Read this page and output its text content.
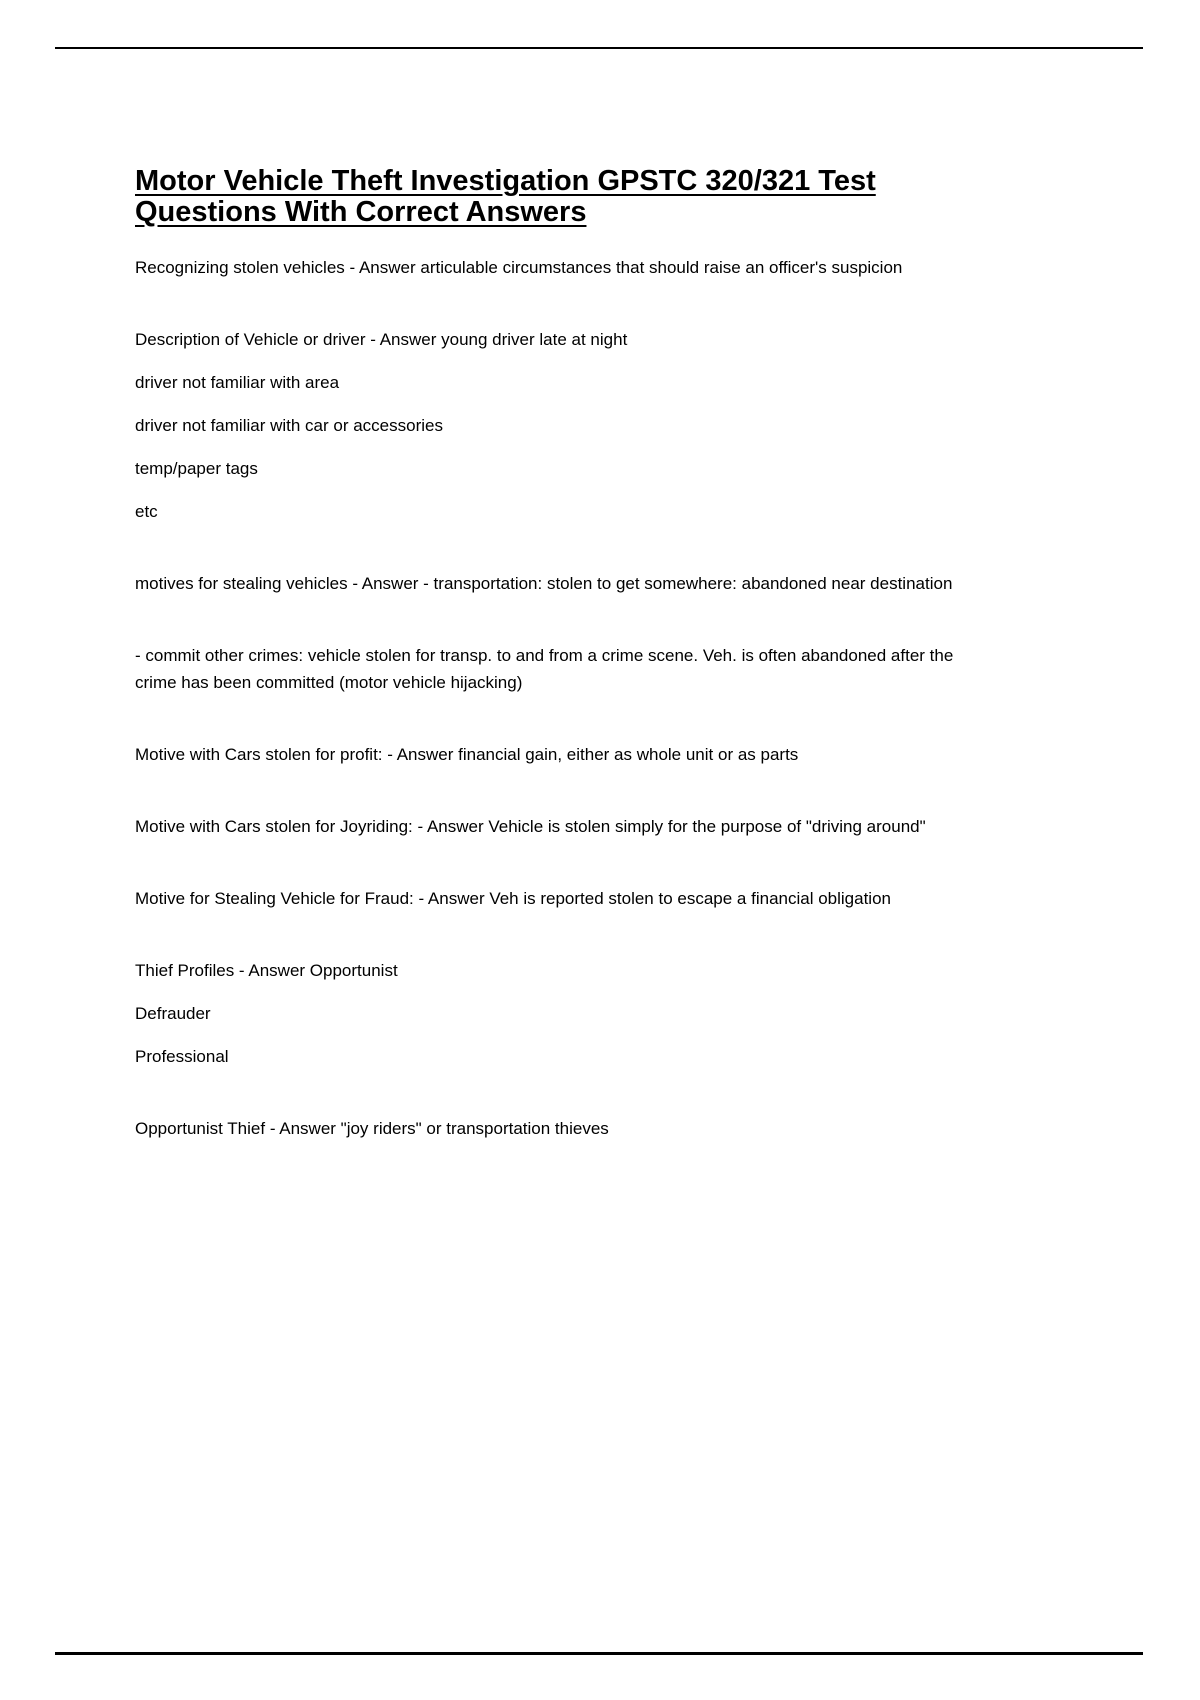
Motor Vehicle Theft Investigation GPSTC 320/321 Test Questions With Correct Answers

Recognizing stolen vehicles - Answer articulable circumstances that should raise an officer's suspicion

Description of Vehicle or driver - Answer young driver late at night

driver not familiar with area

driver not familiar with car or accessories

temp/paper tags

etc

motives for stealing vehicles - Answer - transportation: stolen to get somewhere: abandoned near destination

- commit other crimes: vehicle stolen for transp. to and from a crime scene. Veh. is often abandoned after the crime has been committed (motor vehicle hijacking)

Motive with Cars stolen for profit: - Answer financial gain, either as whole unit or as parts

Motive with Cars stolen for Joyriding: - Answer Vehicle is stolen simply for the purpose of "driving around"

Motive for Stealing Vehicle for Fraud: - Answer Veh is reported stolen to escape a financial obligation

Thief Profiles - Answer Opportunist

Defrauder

Professional

Opportunist Thief - Answer "joy riders" or transportation thieves
